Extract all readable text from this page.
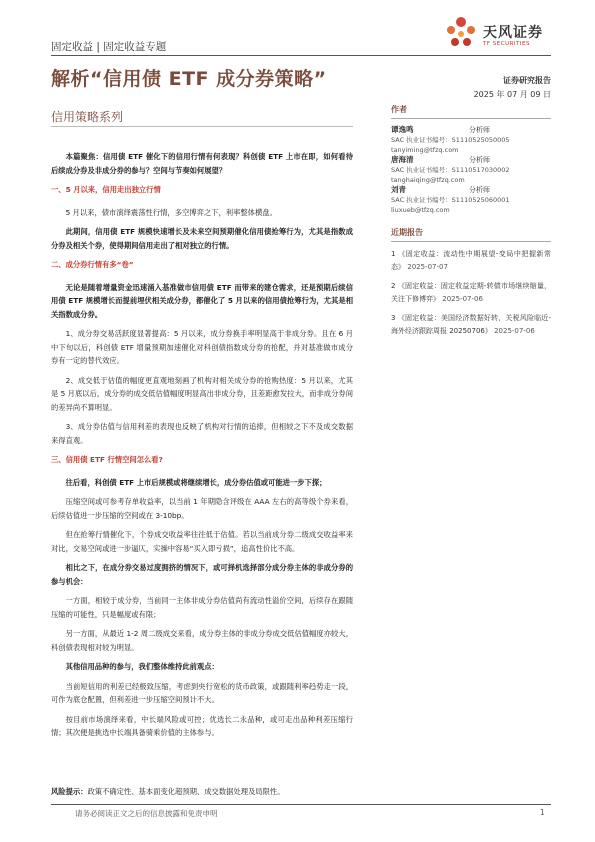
固定收益 | 固定收益专题
天风证券
TF SECURITIES
解析“信用债 ETF 成分券策略”	证券研究报告
2025 年 07 月 09 日
信用策略系列
作者
谭逸鸣	分析师
SAC 执业证书编号：S1110525050005
tanyiming@tfzq.com
唐海清	分析师
SAC 执业证书编号：S1110517030002
tanghaiqing@tfzq.com
刘青	分析师
SAC 执业证书编号：S1110525060001
liuxueb@tfzq.com
近期报告
1 《固定收益：流动性中期展望-变局中把握新常态》 2025-07-07
2 《固定收益：固定收益定期-转债市场继续缩量，关注下修博弈》 2025-07-06
3 《固定收益：美国经济数据好转，关税风险临近-海外经济跟踪周报 20250706》 2025-07-06

本篇聚焦：信用债 ETF 催化下的信用行情有何表现？科创债 ETF 上市在即，如何看待后续成分券及非成分券的参与？空间与节奏如何展望？

一、5 月以来，信用走出独立行情

5 月以来，债市演绎震荡性行情，多空博弈之下，利率整体横盘。

此期间，信用债 ETF 规模快速增长及未来空间预期催化信用债抢筹行为，尤其是指数成分券及相关个券，使得期间信用走出了相对独立的行情。

二、成分券行情有多“卷”

无论是随着增量资金迅速涌入基准做市信用债 ETF 而带来的建仓需求，还是预期后续信用债 ETF 规模增长而提前埋伏相关成分券，都催化了 5 月以来的信用债抢筹行为，尤其是相关指数成分券。

1、成分券交易活跃度显著提高：5 月以来，成分券换手率明显高于非成分券。且在 6 月中下旬以后，科创债 ETF 增量预期加速催化对科创债指数成分券的抢配，并对基准做市成分券有一定的替代效应。

2、成交低于估值的幅度更直观地刻画了机构对相关成分券的抢购热度：5 月以来，尤其是 5 月底以后，成分券的成交低估值幅度明显高出非成分券，且差距愈发拉大，而非成分券间的差异尚不算明显。

3、成分券估值与信用利差的表现也反映了机构对行情的追捧，但相较之下不及成交数据来得直观。

三、信用债 ETF 行情空间怎么看?

往后看，科创债 ETF 上市后规模或将继续增长，成分券估值或可能进一步下探；

压缩空间或可参考存单收益率，以当前 1 年期隐含评级在 AAA 左右的高等级个券来看，后续估值进一步压缩的空间或在 3-10bp。

但在抢筹行情催化下，个券成交收益率往往低于估值。若以当前成分券二级成交收益率来对比，交易空间或进一步逼仄，实操中容易“买入即亏损”，追高性价比不高。

相比之下，在成分券交易过度拥挤的情况下，或可择机选择部分成分券主体的非成分券的参与机会：

一方面，相较于成分券，当前同一主体非成分券估值尚有流动性溢价空间，后续存在跟随压缩的可能性，只是幅度或有限；

另一方面，从最近 1-2 周二级成交来看，成分券主体的非成分券成交低估值幅度亦较大，科创债表现相对较为明显。

其他信用品种的参与，我们整体维持此前观点：

当前短信用的利差已经极致压缩，考虑到央行宽松的货币政策，或跟随利率趋势走一段，可作为底仓配置，但利差进一步压缩空间预计不大。

按目前市场演绎来看，中长端风险或可控；优选长二永品种，或可走出品种利差压缩行情；其次便是挑选中长端具备骑乘价值的主体参与。

风险提示：政策不确定性、基本面变化超预期、成交数据处理及局限性。
请务必阅读正文之后的信息披露和免责申明	1
